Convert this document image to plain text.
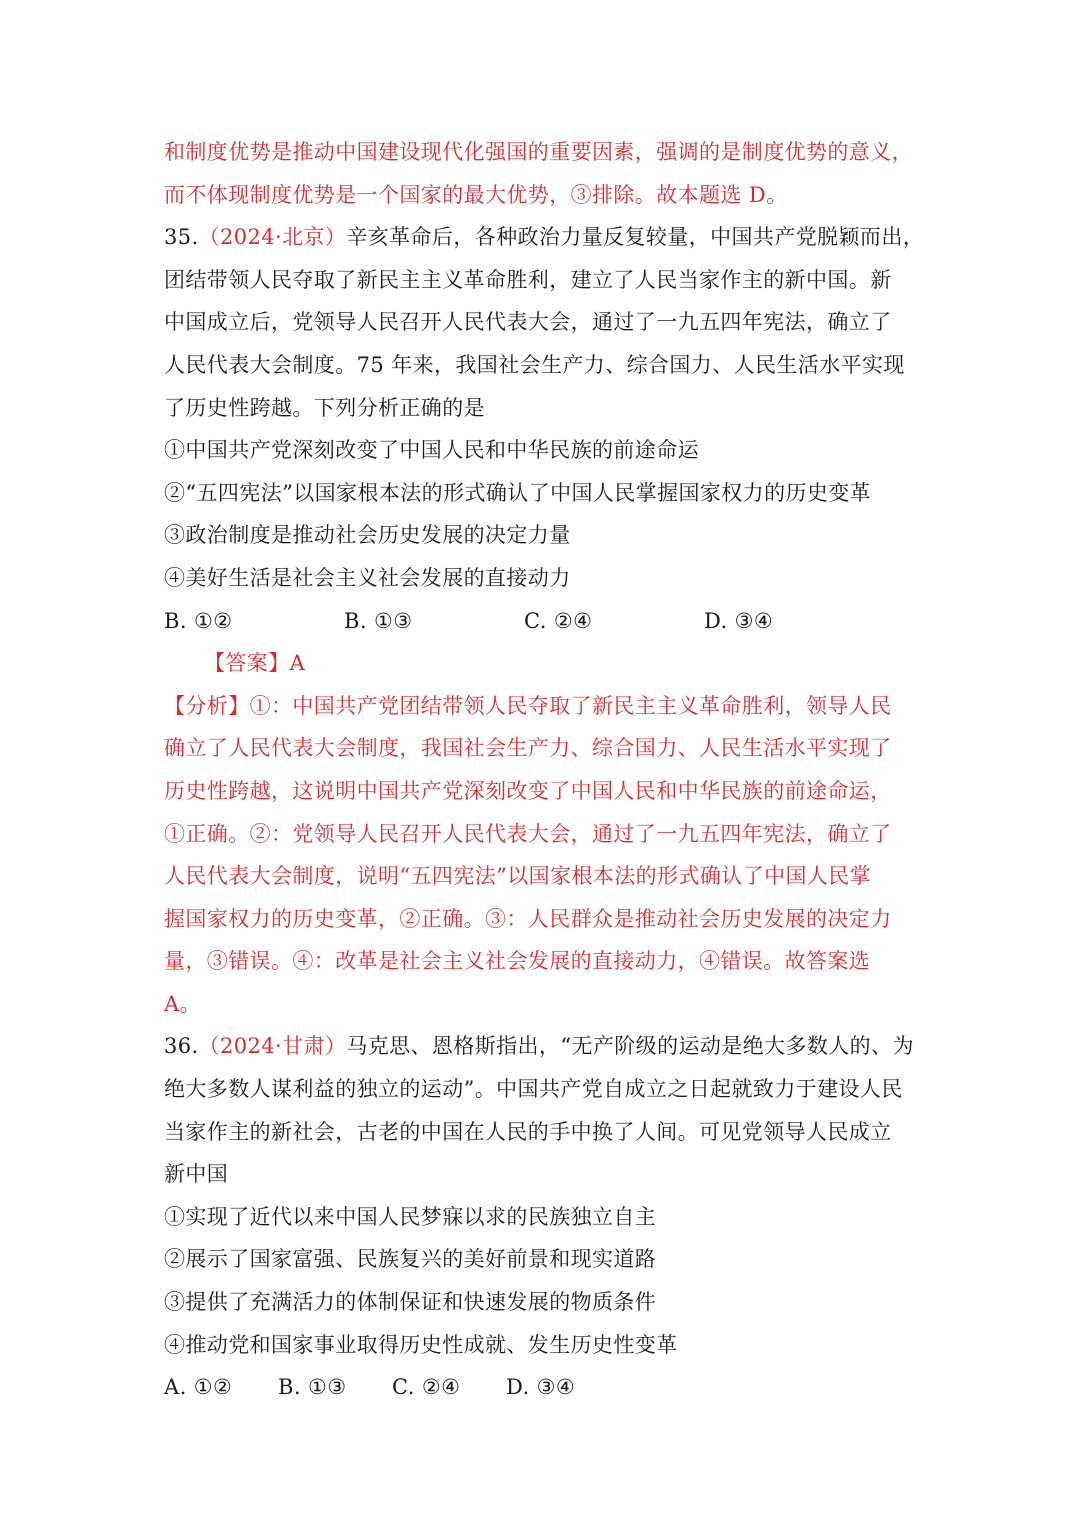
和制度优势是推动中国建设现代化强国的重要因素，强调的是制度优势的意义，
而不体现制度优势是一个国家的最大优势，③排除。故本题选 D。
35.（2024·北京）辛亥革命后，各种政治力量反复较量，中国共产党脱颖而出，
团结带领人民夺取了新民主主义革命胜利，建立了人民当家作主的新中国。新
中国成立后，党领导人民召开人民代表大会，通过了一九五四年宪法，确立了
人民代表大会制度。75 年来，我国社会生产力、综合国力、人民生活水平实现
了历史性跨越。下列分析正确的是
①中国共产党深刻改变了中国人民和中华民族的前途命运
②“五四宪法”以国家根本法的形式确认了中国人民掌握国家权力的历史变革
③政治制度是推动社会历史发展的决定力量
④美好生活是社会主义社会发展的直接动力
B. ①②	B. ①③	C. ②④	D. ③④
【答案】A
【分析】①：中国共产党团结带领人民夺取了新民主主义革命胜利，领导人民
确立了人民代表大会制度，我国社会生产力、综合国力、人民生活水平实现了
历史性跨越，这说明中国共产党深刻改变了中国人民和中华民族的前途命运，
①正确。②：党领导人民召开人民代表大会，通过了一九五四年宪法，确立了
人民代表大会制度，说明“五四宪法”以国家根本法的形式确认了中国人民掌
握国家权力的历史变革，②正确。③：人民群众是推动社会历史发展的决定力
量，③错误。④：改革是社会主义社会发展的直接动力，④错误。故答案选
A。
36.（2024·甘肃）马克思、恩格斯指出，“无产阶级的运动是绝大多数人的、为
绝大多数人谋利益的独立的运动”。中国共产党自成立之日起就致力于建设人民
当家作主的新社会，古老的中国在人民的手中换了人间。可见党领导人民成立
新中国
①实现了近代以来中国人民梦寐以求的民族独立自主
②展示了国家富强、民族复兴的美好前景和现实道路
③提供了充满活力的体制保证和快速发展的物质条件
④推动党和国家事业取得历史性成就、发生历史性变革
A. ①②	B. ①③	C. ②④	D. ③④
